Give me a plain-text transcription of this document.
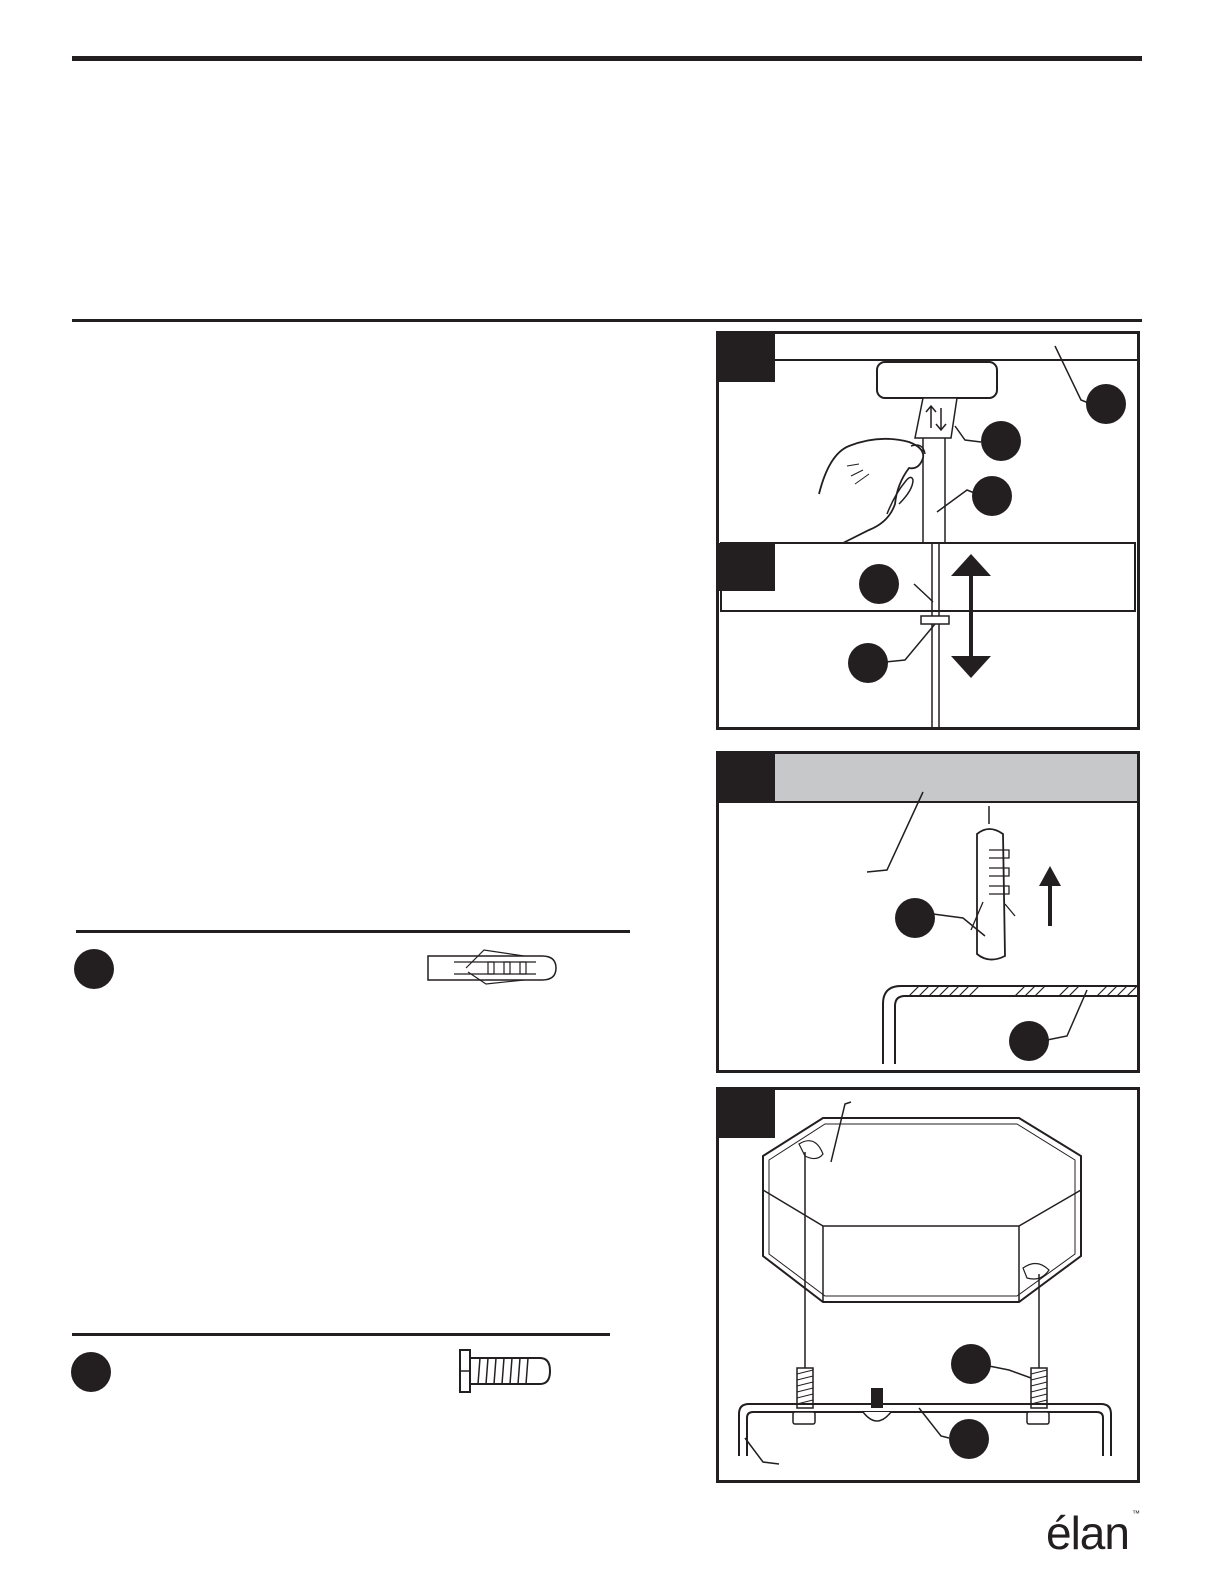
élan ™
